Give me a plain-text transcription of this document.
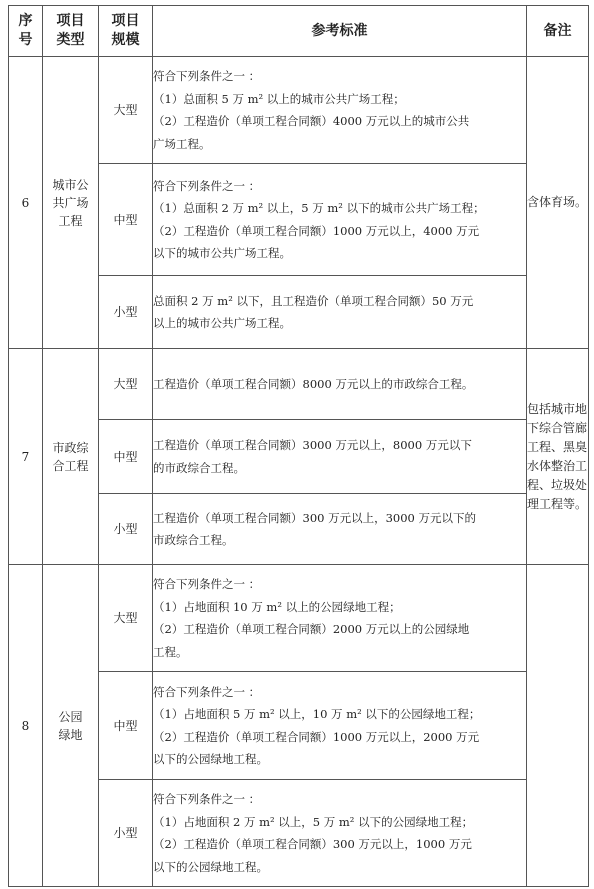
序号	项目类型	项目规模	参考标准	备注
6	城市公共广场工程	大型	符合下列条件之一 ：
（1）总面积 5 万 m² 以上的城市公共广场工程；
（2）工程造价（单项工程合同额）4000 万元以上的城市公共
广场工程。	含体育场。

		中型	符合下列条件之一 ：
（1）总面积 2 万 m² 以上，5 万 m² 以下的城市公共广场工程；
（2）工程造价（单项工程合同额）1000 万元以上，4000 万元
以下的城市公共广场工程。	

		小型	总面积 2 万 m² 以下，且工程造价（单项工程合同额）50 万元
以上的城市公共广场工程。	

7	市政综合工程	大型	工程造价（单项工程合同额）8000 万元以上的市政综合工程。	包括城市地下综合管廊工程、黑臭水体整治工程、垃圾处理工程等。

		中型	工程造价（单项工程合同额）3000 万元以上，8000 万元以下
的市政综合工程。	

		小型	工程造价（单项工程合同额）300 万元以上，3000 万元以下的
市政综合工程。	

8	公园绿地	大型	符合下列条件之一 ：
（1）占地面积 10 万 m² 以上的公园绿地工程；
（2）工程造价（单项工程合同额）2000 万元以上的公园绿地
工程。	

		中型	符合下列条件之一 ：
（1）占地面积 5 万 m² 以上，10 万 m² 以下的公园绿地工程；
（2）工程造价（单项工程合同额）1000 万元以上，2000 万元
以下的公园绿地工程。	

		小型	符合下列条件之一 ：
（1）占地面积 2 万 m² 以上，5 万 m² 以下的公园绿地工程；
（2）工程造价（单项工程合同额）300 万元以上，1000 万元
以下的公园绿地工程。	
